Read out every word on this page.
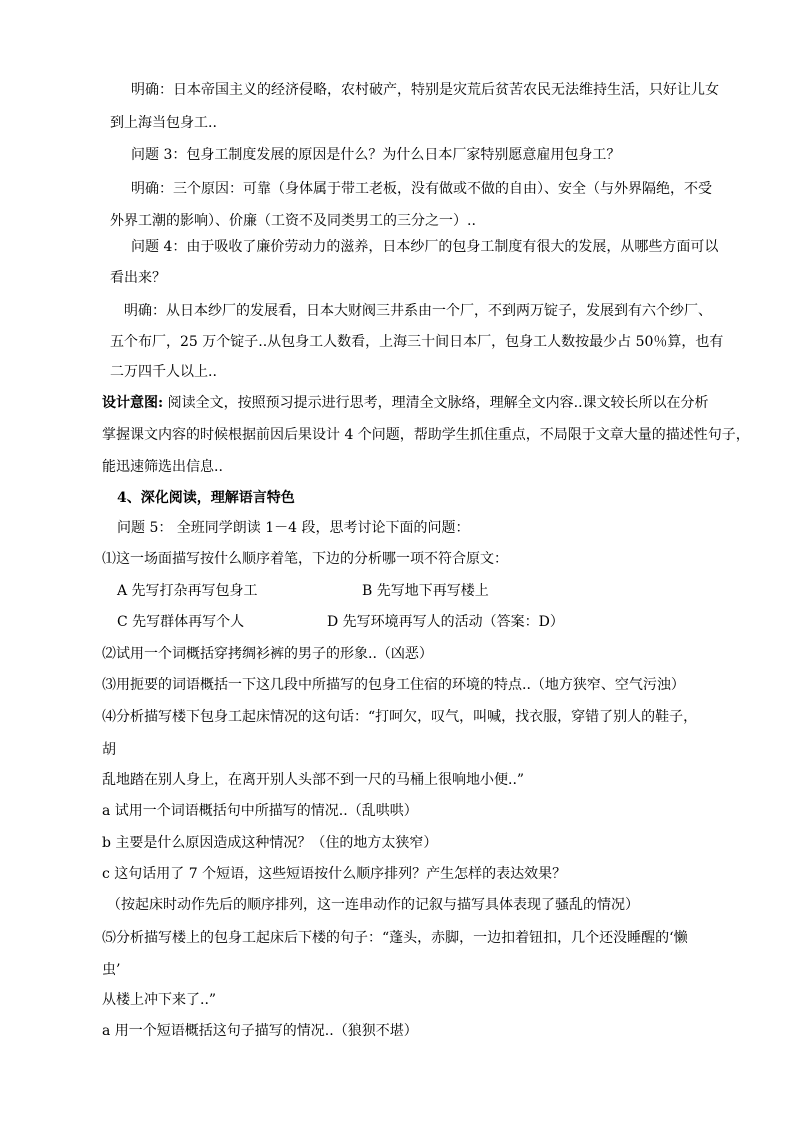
明确：日本帝国主义的经济侵略，农村破产，特别是灾荒后贫苦农民无法维持生活，只好让儿女
到上海当包身工..
问题 3：包身工制度发展的原因是什么？为什么日本厂家特别愿意雇用包身工？
明确：三个原因：可靠（身体属于带工老板，没有做或不做的自由）、安全（与外界隔绝，不受
外界工潮的影响）、价廉（工资不及同类男工的三分之一）..
问题 4：由于吸收了廉价劳动力的滋养，日本纱厂的包身工制度有很大的发展，从哪些方面可以
看出来？
明确：从日本纱厂的发展看，日本大财阀三井系由一个厂，不到两万锭子，发展到有六个纱厂、
五个布厂，25 万个锭子..从包身工人数看，上海三十间日本厂，包身工人数按最少占 50％算，也有
二万四千人以上..
设计意图: 阅读全文，按照预习提示进行思考，理清全文脉络，理解全文内容..课文较长所以在分析
掌握课文内容的时候根据前因后果设计 4 个问题，帮助学生抓住重点，不局限于文章大量的描述性句子，
能迅速筛选出信息..
4、深化阅读，理解语言特色
问题 5： 全班同学朗读 1－4 段，思考讨论下面的问题：
⑴这一场面描写按什么顺序着笔，下边的分析哪一项不符合原文：
A 先写打杂再写包身工	B 先写地下再写楼上
C 先写群体再写个人	D 先写环境再写人的活动（答案：D）
⑵试用一个词概括穿拷绸衫裤的男子的形象..（凶恶）
⑶用扼要的词语概括一下这几段中所描写的包身工住宿的环境的特点..（地方狭窄、空气污浊）
⑷分析描写楼下包身工起床情况的这句话：“打呵欠，叹气，叫喊，找衣服，穿错了别人的鞋子，
胡
乱地踏在别人身上，在离开别人头部不到一尺的马桶上很响地小便..”
a 试用一个词语概括句中所描写的情况..（乱哄哄）
b 主要是什么原因造成这种情况？（住的地方太狭窄）
c 这句话用了 7 个短语，这些短语按什么顺序排列？产生怎样的表达效果？
（按起床时动作先后的顺序排列，这一连串动作的记叙与描写具体表现了骚乱的情况）
⑸分析描写楼上的包身工起床后下楼的句子：“蓬头，赤脚，一边扣着钮扣，几个还没睡醒的‘懒
虫’
从楼上冲下来了..”
a 用一个短语概括这句子描写的情况..（狼狈不堪）
